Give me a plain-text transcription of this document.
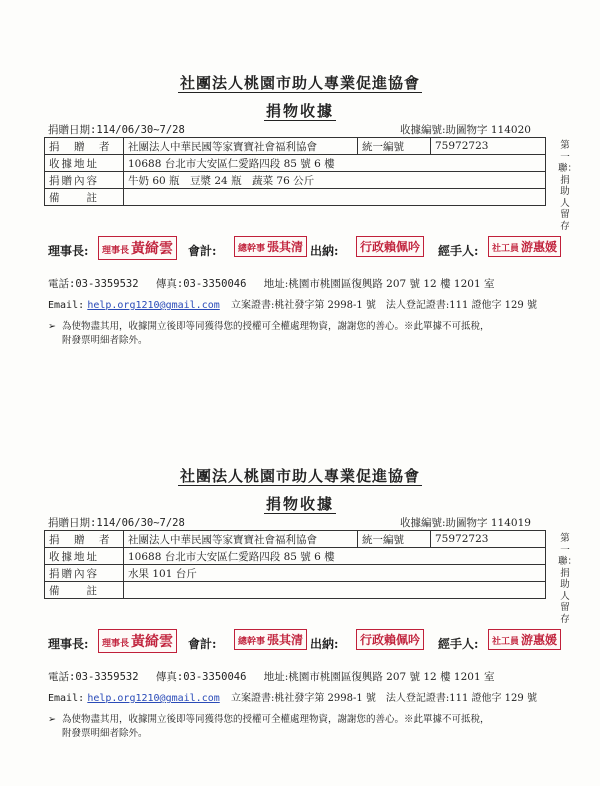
社團法人桃園市助人專業促進協會
捐物收據
捐贈日期:114/06/30~7/28	收據編號:助圖物字 114020
捐　贈　者	社團法人中華民國等家寶寶社會福利協會	統一編號	75972723
收據地址	10688 台北市大安區仁愛路四段 85 號 6 樓		
捐贈內容	牛奶 60 瓶　豆漿 24 瓶　蔬菜 76 公斤		
備　　註			
第一聯：捐助人留存
理事長:	理事長 黃綺雲	會計:	總幹事 張其清 出納:	行政賴佩吟	經手人:	社工員 游惠媛
電話:03-3359532 傳真:03-3350046 地址:桃園市桃園區復興路 207 號 12 樓 1201 室
Email: help.org1210@gmail.com 立案證書:桃社發字第 2998-1 號　法人登記證書:111 證他字 129 號
➢ 為使物盡其用，收據開立後即等同獲得您的授權可全權處理物資，謝謝您的善心。※此單據不可抵稅，
附發票明細者除外。
社團法人桃園市助人專業促進協會
捐物收據
捐贈日期:114/06/30~7/28	收據編號:助圖物字 114019
捐　贈　者	社團法人中華民國等家寶寶社會福利協會	統一編號	75972723
收據地址	10688 台北市大安區仁愛路四段 85 號 6 樓		
捐贈內容	水果 101 台斤		
備　　註			
第一聯：捐助人留存
理事長:	理事長 黃綺雲	會計:	總幹事 張其清 出納:	行政賴佩吟	經手人:	社工員 游惠媛
電話:03-3359532 傳真:03-3350046 地址:桃園市桃園區復興路 207 號 12 樓 1201 室
Email: help.org1210@gmail.com 立案證書:桃社發字第 2998-1 號　法人登記證書:111 證他字 129 號
➢ 為使物盡其用，收據開立後即等同獲得您的授權可全權處理物資，謝謝您的善心。※此單據不可抵稅，
附發票明細者除外。
